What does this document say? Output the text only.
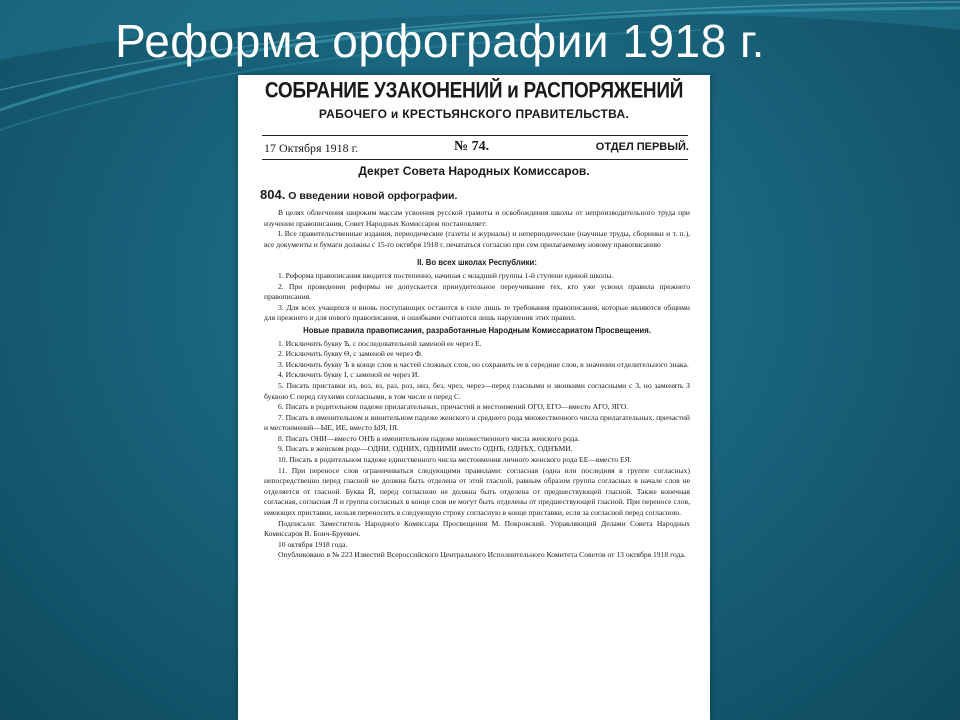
Реформа орфографии 1918 г.
СОБРАНИЕ УЗАКОНЕНИЙ и РАСПОРЯЖЕНИЙ
РАБОЧЕГО и КРЕСТЬЯНСКОГО ПРАВИТЕЛЬСТВА.
17 Октября 1918 г.	№ 74.	ОТДЕЛ ПЕРВЫЙ.
Декрет Совета Народных Комиссаров.
804. О введении новой орфографии.

В целях облегчения широким массам усвоения русской грамоты и освобождения школы от непроизводительного труда при изучении правописания, Совет Народных Комиссаров постановляет:

I. Все правительственные издания, периодические (газеты и журналы) и непериодические (научные труды, сборники и т. п.), все документы и бумаги должны с 15-го октября 1918 г. печататься согласно при сем прилагаемому новому правописанию

II. Во всех школах Республики:

1. Реформа правописания вводится постепенно, начиная с младшей группы 1-й ступени единой школы.

2. При проведении реформы не допускается принудительное переучивание тех, кто уже усвоил правила прежнего правописания.

3. Для всех учащихся и вновь поступающих остаются в силе лишь те требования правописания, которые являются общими для прежнего и для нового правописания, и ошибками считаются лишь нарушения этих правил.

Новые правила правописания, разработанные Народным Комиссариатом Просвещения.

1. Исключить букву Ѣ, с последовательной заменой ее через Е.

2. Исключить букву Ѳ, с заменой ее через Ф.

3. Исключить букву Ъ в конце слов и частей сложных слов, но сохранить ее в середине слов, в значении отделительного знака.

4. Исключить букву І, с заменой ее через И.

5. Писать приставки из, воз, вз, раз, роз, низ, без, чрез, через—перед гласными и звонкими согласными с З, но заменять З буквою С перед глухими согласными, в том числе и перед С.

6. Писать в родительном падеже прилагательных, причастий и местоимений ОГО, ЕГО—вместо АГО, ЯГО.

7. Писать в именительном и винительном падеже женского и среднего рода множественного числа прилагательных, причастий и местоимений—ЫЕ, ИЕ, вместо ЫЯ, ІЯ.

8. Писать ОНИ—вместо ОНѢ в именительном падеже множественного числа женского рода.

9. Писать в женском роде—ОДНИ, ОДНИХ, ОДНИМИ вместо ОДНѢ, ОДНѢХ, ОДНѢМИ.

10. Писать в родительном падеже единственного числа местоимения личного женского рода ЕЕ—вместо ЕЯ.

11. При переносе слов ограничиваться следующими правилами: согласная (одна или последняя в группе согласных) непосредственно перед гласной не должна быть отделена от этой гласной, равным образом группа согласных в начале слов не отделяется от гласной. Буква Й, перед согласною не должна быть отделена от предшествующей гласной. Также конечная согласная, согласная Л и группа согласных в конце слов не могут быть отделены от предшествующей гласной. При переносе слов, имеющих приставки, нельзя переносить в следующую строку согласную в конце приставки, если за согласной перед согласною.

Подписали: Заместитель Народного Комиссара Просвещения М. Покровский. Управляющий Делами Совета Народных Комиссаров В. Бонч-Бруевич.

10 октября 1918 года.

Опубликовано в № 223 Известий Всероссийского Центрального Исполнительного Комитета Советов от 13 октября 1918 года.
